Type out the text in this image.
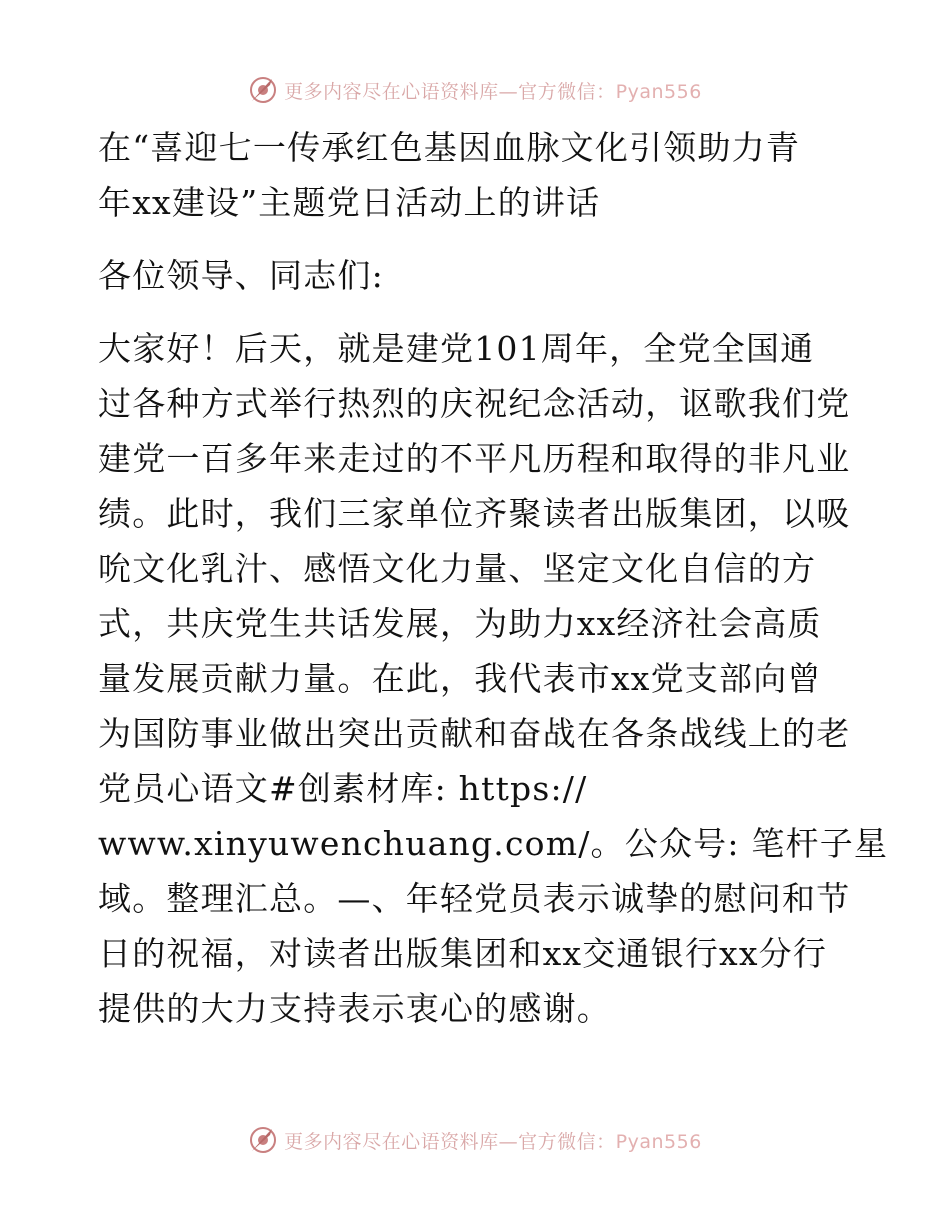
更多内容尽在心语资料库—官方微信：Pyan556
在“喜迎七一传承红色基因血脉文化引领助力青
年xx建设”主题党日活动上的讲话
各位领导、同志们:
大家好！后天，就是建党101周年，全党全国通
过各种方式举行热烈的庆祝纪念活动，讴歌我们党
建党一百多年来走过的不平凡历程和取得的非凡业
绩。此时，我们三家单位齐聚读者出版集团，以吸
吮文化乳汁、感悟文化力量、坚定文化自信的方
式，共庆党生共话发展，为助力xx经济社会高质
量发展贡献力量。在此，我代表市xx党支部向曾
为国防事业做出突出贡献和奋战在各条战线上的老
党员心语文#创素材库: https://
www.xinyuwenchuang.com/。公众号: 笔杆子星
域。整理汇总。—、年轻党员表示诚挚的慰问和节
日的祝福，对读者出版集团和xx交通银行xx分行
提供的大力支持表示衷心的感谢。
更多内容尽在心语资料库—官方微信：Pyan556
